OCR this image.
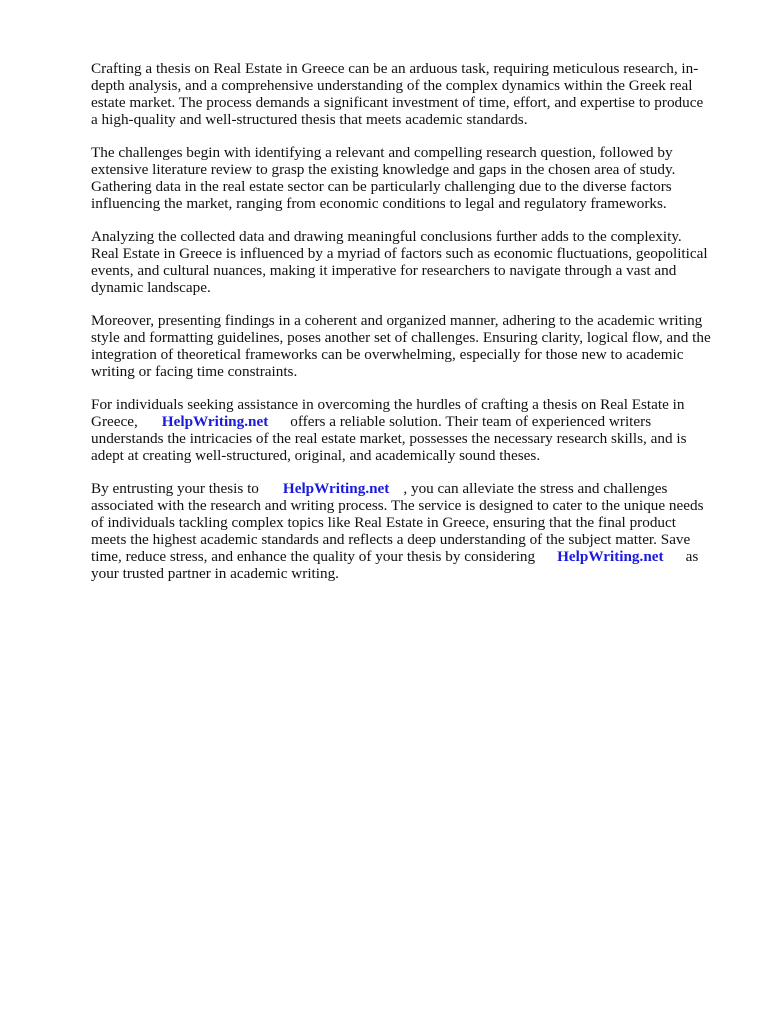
Crafting a thesis on Real Estate in Greece can be an arduous task, requiring meticulous research, in-depth analysis, and a comprehensive understanding of the complex dynamics within the Greek real estate market. The process demands a significant investment of time, effort, and expertise to produce a high-quality and well-structured thesis that meets academic standards.

The challenges begin with identifying a relevant and compelling research question, followed by extensive literature review to grasp the existing knowledge and gaps in the chosen area of study. Gathering data in the real estate sector can be particularly challenging due to the diverse factors influencing the market, ranging from economic conditions to legal and regulatory frameworks.

Analyzing the collected data and drawing meaningful conclusions further adds to the complexity. Real Estate in Greece is influenced by a myriad of factors such as economic fluctuations, geopolitical events, and cultural nuances, making it imperative for researchers to navigate through a vast and dynamic landscape.

Moreover, presenting findings in a coherent and organized manner, adhering to the academic writing style and formatting guidelines, poses another set of challenges. Ensuring clarity, logical flow, and the integration of theoretical frameworks can be overwhelming, especially for those new to academic writing or facing time constraints.

For individuals seeking assistance in overcoming the hurdles of crafting a thesis on Real Estate in Greece, HelpWriting.net offers a reliable solution. Their team of experienced writers understands the intricacies of the real estate market, possesses the necessary research skills, and is adept at creating well-structured, original, and academically sound theses.

By entrusting your thesis to HelpWriting.net , you can alleviate the stress and challenges associated with the research and writing process. The service is designed to cater to the unique needs of individuals tackling complex topics like Real Estate in Greece, ensuring that the final product meets the highest academic standards and reflects a deep understanding of the subject matter. Save time, reduce stress, and enhance the quality of your thesis by considering HelpWriting.net as your trusted partner in academic writing.
